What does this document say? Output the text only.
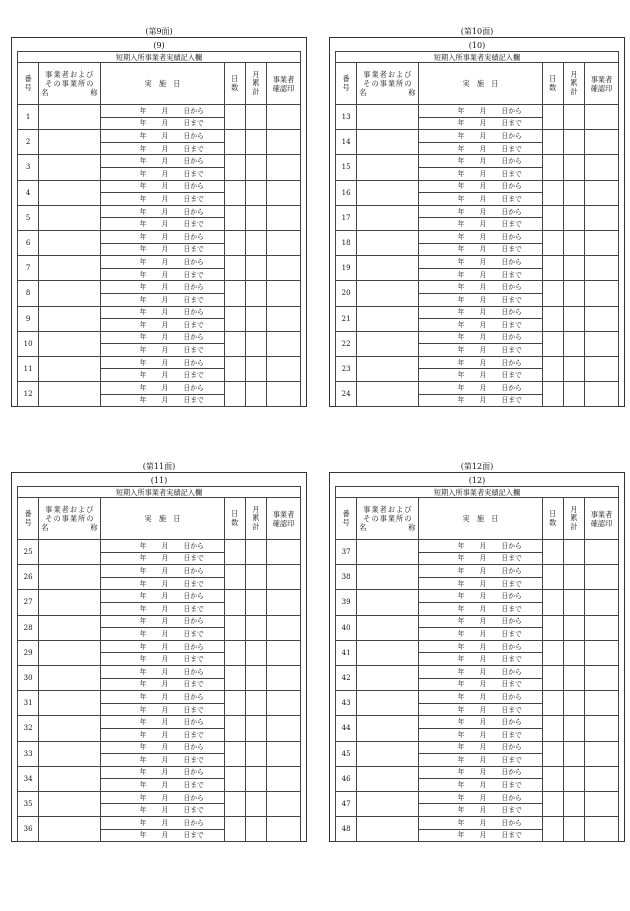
(第9面)
(9)
短期入所事業者実績記入欄					
番号	事業者およびその事業所の名称	実　施　日	日数	月累計	事業者確認印
1		年 月 日から			
		年 月 日まで			
2		年 月 日から			
		年 月 日まで			
3		年 月 日から			
		年 月 日まで			
4		年 月 日から			
		年 月 日まで			
5		年 月 日から			
		年 月 日まで			
6		年 月 日から			
		年 月 日まで			
7		年 月 日から			
		年 月 日まで			
8		年 月 日から			
		年 月 日まで			
9		年 月 日から			
		年 月 日まで			
10		年 月 日から			
		年 月 日まで			
11		年 月 日から			
		年 月 日まで			
12		年 月 日から			
		年 月 日まで			
(第10面)
(10)
短期入所事業者実績記入欄					
番号	事業者およびその事業所の名称	実　施　日	日数	月累計	事業者確認印
13		年 月 日から			
		年 月 日まで			
14		年 月 日から			
		年 月 日まで			
15		年 月 日から			
		年 月 日まで			
16		年 月 日から			
		年 月 日まで			
17		年 月 日から			
		年 月 日まで			
18		年 月 日から			
		年 月 日まで			
19		年 月 日から			
		年 月 日まで			
20		年 月 日から			
		年 月 日まで			
21		年 月 日から			
		年 月 日まで			
22		年 月 日から			
		年 月 日まで			
23		年 月 日から			
		年 月 日まで			
24		年 月 日から			
		年 月 日まで			
(第11面)
(11)
短期入所事業者実績記入欄					
番号	事業者およびその事業所の名称	実　施　日	日数	月累計	事業者確認印
25		年 月 日から			
		年 月 日まで			
26		年 月 日から			
		年 月 日まで			
27		年 月 日から			
		年 月 日まで			
28		年 月 日から			
		年 月 日まで			
29		年 月 日から			
		年 月 日まで			
30		年 月 日から			
		年 月 日まで			
31		年 月 日から			
		年 月 日まで			
32		年 月 日から			
		年 月 日まで			
33		年 月 日から			
		年 月 日まで			
34		年 月 日から			
		年 月 日まで			
35		年 月 日から			
		年 月 日まで			
36		年 月 日から			
		年 月 日まで			
(第12面)
(12)
短期入所事業者実績記入欄					
番号	事業者およびその事業所の名称	実　施　日	日数	月累計	事業者確認印
37		年 月 日から			
		年 月 日まで			
38		年 月 日から			
		年 月 日まで			
39		年 月 日から			
		年 月 日まで			
40		年 月 日から			
		年 月 日まで			
41		年 月 日から			
		年 月 日まで			
42		年 月 日から			
		年 月 日まで			
43		年 月 日から			
		年 月 日まで			
44		年 月 日から			
		年 月 日まで			
45		年 月 日から			
		年 月 日まで			
46		年 月 日から			
		年 月 日まで			
47		年 月 日から			
		年 月 日まで			
48		年 月 日から			
		年 月 日まで			
